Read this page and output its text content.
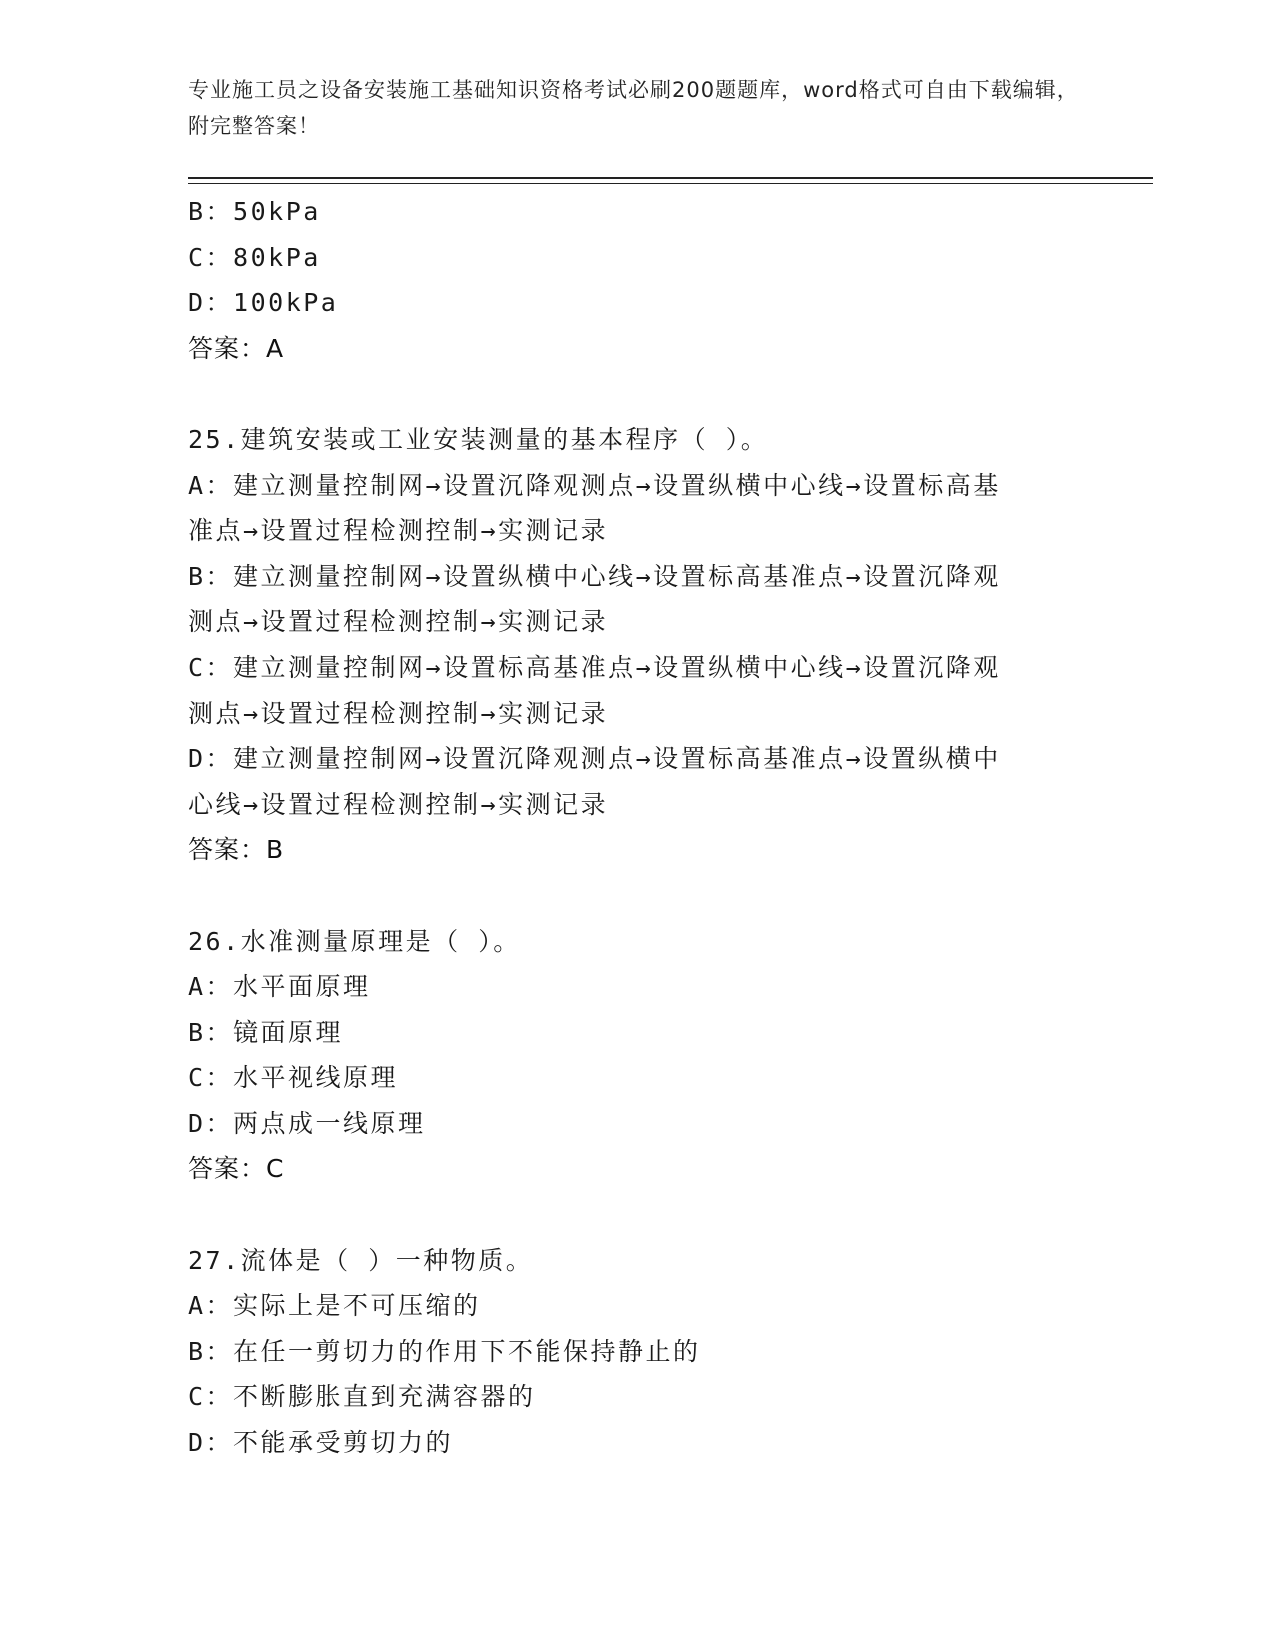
专业施工员之设备安装施工基础知识资格考试必刷200题题库，word格式可自由下载编辑，附完整答案！
B：50kPa
C：80kPa
D：100kPa
答案：A
25.建筑安装或工业安装测量的基本程序（ ）。
A：建立测量控制网→设置沉降观测点→设置纵横中心线→设置标高基
准点→设置过程检测控制→实测记录
B：建立测量控制网→设置纵横中心线→设置标高基准点→设置沉降观
测点→设置过程检测控制→实测记录
C：建立测量控制网→设置标高基准点→设置纵横中心线→设置沉降观
测点→设置过程检测控制→实测记录
D：建立测量控制网→设置沉降观测点→设置标高基准点→设置纵横中
心线→设置过程检测控制→实测记录
答案：B
26.水准测量原理是（ ）。
A：水平面原理
B：镜面原理
C：水平视线原理
D：两点成一线原理
答案：C
27.流体是（ ）一种物质。
A：实际上是不可压缩的
B：在任一剪切力的作用下不能保持静止的
C：不断膨胀直到充满容器的
D：不能承受剪切力的
